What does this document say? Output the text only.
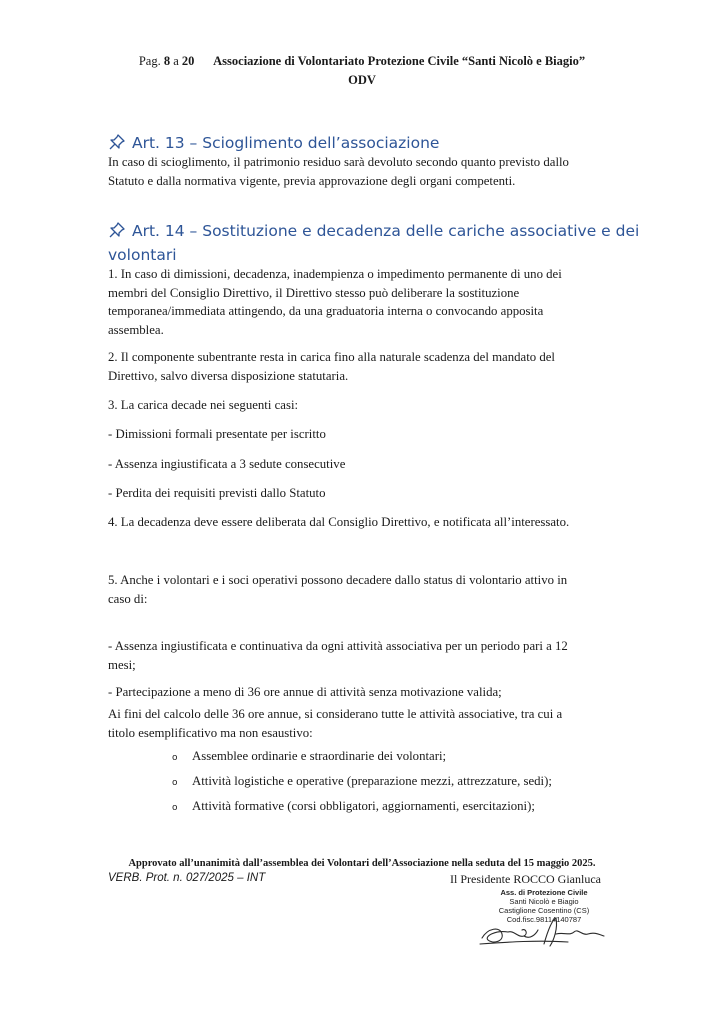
Pag. 8 a 20 Associazione di Volontariato Protezione Civile “Santi Nicolò e Biagio”
ODV
Art. 13 – Scioglimento dell’associazione
In caso di scioglimento, il patrimonio residuo sarà devoluto secondo quanto previsto dallo
Statuto e dalla normativa vigente, previa approvazione degli organi competenti.
Art. 14 – Sostituzione e decadenza delle cariche associative e dei
volontari
1. In caso di dimissioni, decadenza, inadempienza o impedimento permanente di uno dei
membri del Consiglio Direttivo, il Direttivo stesso può deliberare la sostituzione
temporanea/immediata attingendo, da una graduatoria interna o convocando apposita
assemblea.
2. Il componente subentrante resta in carica fino alla naturale scadenza del mandato del
Direttivo, salvo diversa disposizione statutaria.
3. La carica decade nei seguenti casi:
- Dimissioni formali presentate per iscritto
- Assenza ingiustificata a 3 sedute consecutive
- Perdita dei requisiti previsti dallo Statuto
4. La decadenza deve essere deliberata dal Consiglio Direttivo, e notificata all’interessato.
5. Anche i volontari e i soci operativi possono decadere dallo status di volontario attivo in
caso di:
- Assenza ingiustificata e continuativa da ogni attività associativa per un periodo pari a 12
mesi;
- Partecipazione a meno di 36 ore annue di attività senza motivazione valida;
Ai fini del calcolo delle 36 ore annue, si considerano tutte le attività associative, tra cui a
titolo esemplificativo ma non esaustivo:
o Assemblee ordinarie e straordinarie dei volontari;
o Attività logistiche e operative (preparazione mezzi, attrezzature, sedi);
o Attività formative (corsi obbligatori, aggiornamenti, esercitazioni);
Approvato all’unanimità dall’assemblea dei Volontari dell’Associazione nella seduta del 15 maggio 2025.
VERB. Prot. n. 027/2025 – INT	Il Presidente ROCCO Gianluca
Ass. di Protezione Civile
Santi Nicolò e Biagio
Castiglione Cosentino (CS)
Cod.fisc.98114140787
